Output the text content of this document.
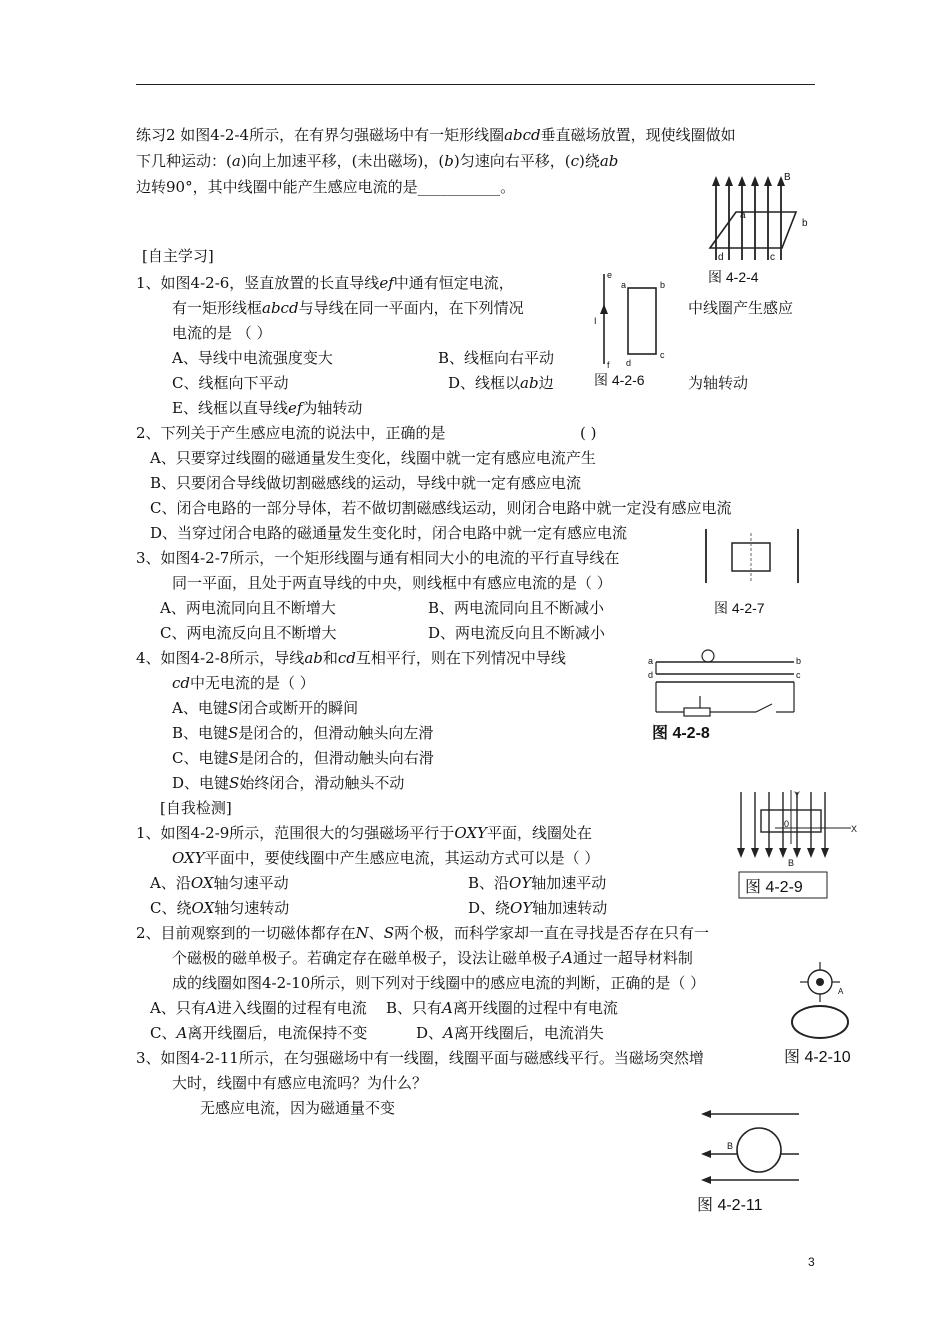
练习2 如图4-2-4所示，在有界匀强磁场中有一矩形线圈abcd垂直磁场放置，现使线圈做如
下几种运动：(a)向上加速平移，(未出磁场)，(b)匀速向右平移，(c)绕ab
边转90°，其中线圈中能产生感应电流的是___________。
[自主学习]
1、如图4-2-6，竖直放置的长直导线ef中通有恒定电流，
有一矩形线框abcd与导线在同一平面内，在下列情况	中线圈产生感应
电流的是 （ ）
A、导线中电流强度变大	B、线框向右平动
C、线框向下平动	D、线框以ab边	为轴转动
E、线框以直导线ef为轴转动
2、下列关于产生感应电流的说法中，正确的是	( )
A、只要穿过线圈的磁通量发生变化，线圈中就一定有感应电流产生
B、只要闭合导线做切割磁感线的运动，导线中就一定有感应电流
C、闭合电路的一部分导体，若不做切割磁感线运动，则闭合电路中就一定没有感应电流
D、当穿过闭合电路的磁通量发生变化时，闭合电路中就一定有感应电流
3、如图4-2-7所示，一个矩形线圈与通有相同大小的电流的平行直导线在
同一平面，且处于两直导线的中央，则线框中有感应电流的是（ ）
A、两电流同向且不断增大	B、两电流同向且不断减小
C、两电流反向且不断增大	D、两电流反向且不断减小
4、如图4-2-8所示，导线ab和cd互相平行，则在下列情况中导线
cd中无电流的是（ ）
A、电键S闭合或断开的瞬间
B、电键S是闭合的，但滑动触头向左滑
C、电键S是闭合的，但滑动触头向右滑
D、电键S始终闭合，滑动触头不动
[自我检测]
1、如图4-2-9所示，范围很大的匀强磁场平行于OXY平面，线圈处在
OXY平面中，要使线圈中产生感应电流，其运动方式可以是（ ）
A、沿OX轴匀速平动	B、沿OY轴加速平动
C、绕OX轴匀速转动	D、绕OY轴加速转动
2、目前观察到的一切磁体都存在N、S两个极，而科学家却一直在寻找是否存在只有一
个磁极的磁单极子。若确定存在磁单极子，设法让磁单极子A通过一超导材料制
成的线圈如图4-2-10所示，则下列对于线圈中的感应电流的判断，正确的是（ ）
A、只有A进入线圈的过程有电流 B、只有A离开线圈的过程中有电流
C、A离开线圈后，电流保持不变	D、A离开线圈后，电流消失
3、如图4-2-11所示，在匀强磁场中有一线圈，线圈平面与磁感线平行。当磁场突然增
大时，线圈中有感应电流吗？为什么？
无感应电流，因为磁通量不变
B
a
b
c
d
图 4-2-4
e
f
I
a	b
c
d
图 4-2-6
图 4-2-7
a	b
c
d
图 4-2-8
Y
X
0
B
图 4-2-9
A
图 4-2-10
B
图 4-2-11
3
